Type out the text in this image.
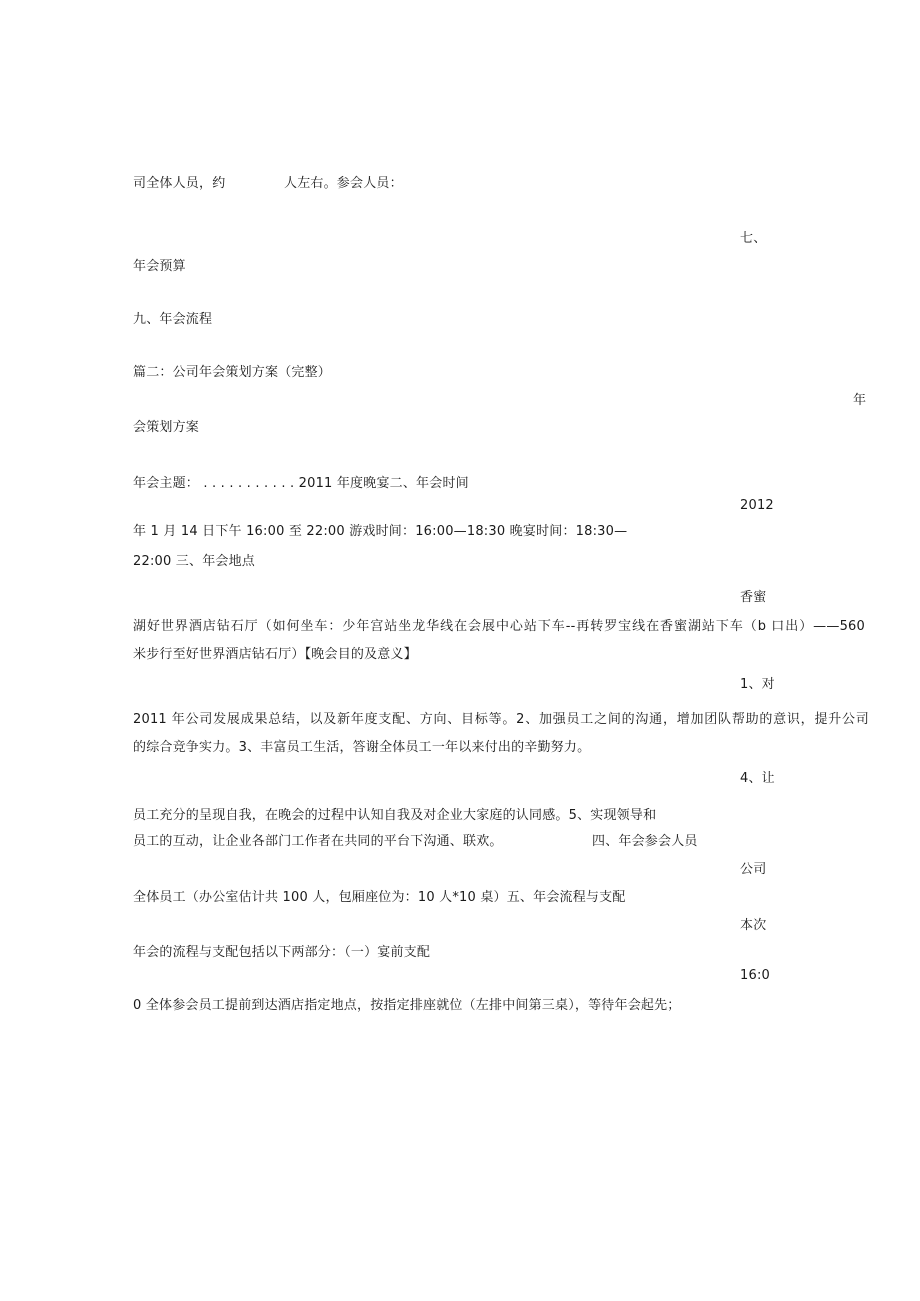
司全体人员，约	人左右。参会人员：
七、
年会预算
九、年会流程
篇二：公司年会策划方案（完整）
年
会策划方案
年会主题： . . . . . . . . . . . 2011 年度晚宴二、年会时间
2012
年 1 月 14 日下午 16:00 至 22:00 游戏时间：16:00—18:30 晚宴时间：18:30—
22:00 三、年会地点
香蜜
湖好世界酒店钻石厅（如何坐车：少年宫站坐龙华线在会展中心站下车--再转罗宝线在香蜜湖站下车（b 口出）——560
米步行至好世界酒店钻石厅）【晚会目的及意义】
1、对
2011 年公司发展成果总结，以及新年度支配、方向、目标等。2、加强员工之间的沟通，增加团队帮助的意识，提升公司
的综合竞争实力。3、丰富员工生活，答谢全体员工一年以来付出的辛勤努力。
4、让
员工充分的呈现自我，在晚会的过程中认知自我及对企业大家庭的认同感。5、实现领导和
员工的互动，让企业各部门工作者在共同的平台下沟通、联欢。	四、年会参会人员
公司
全体员工（办公室估计共 100 人，包厢座位为：10 人*10 桌）五、年会流程与支配
本次
年会的流程与支配包括以下两部分：（一）宴前支配
16:0
0 全体参会员工提前到达酒店指定地点，按指定排座就位（左排中间第三桌），等待年会起先；
